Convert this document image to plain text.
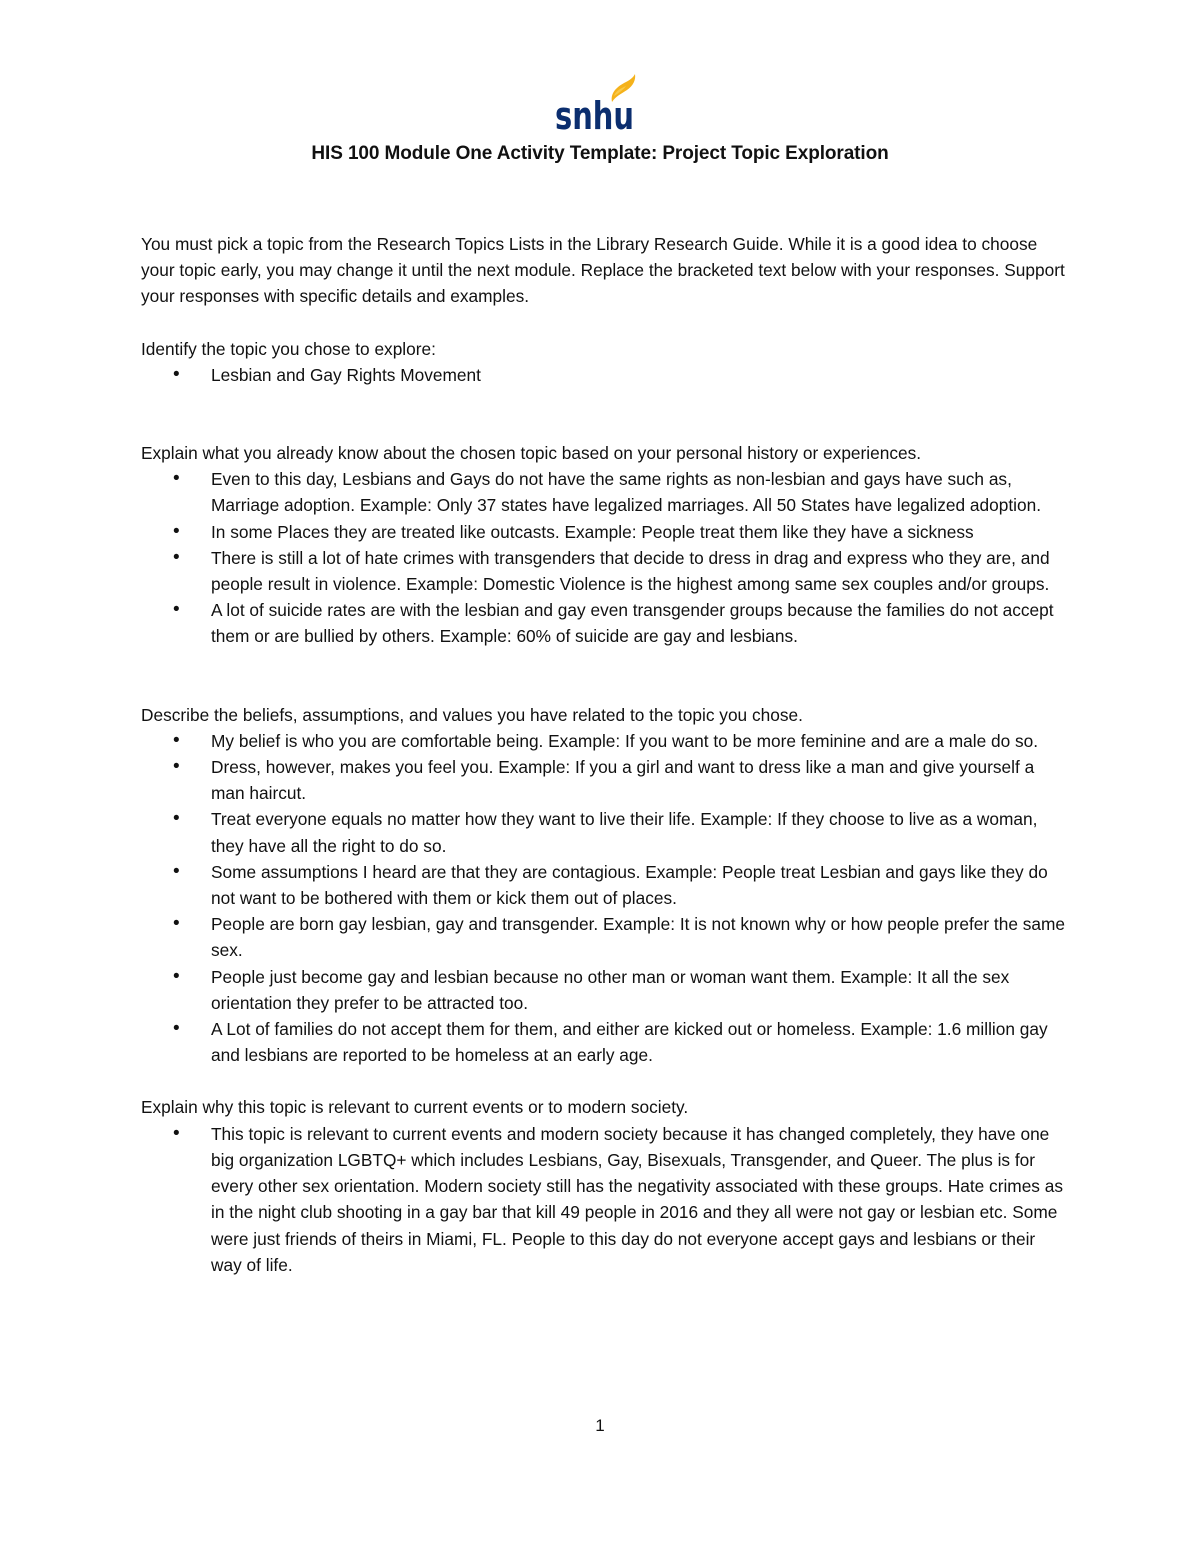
snhu
HIS 100 Module One Activity Template: Project Topic Exploration

You must pick a topic from the Research Topics Lists in the Library Research Guide. While it is a good idea to choose your topic early, you may change it until the next module. Replace the bracketed text below with your responses. Support your responses with specific details and examples.

Identify the topic you chose to explore:

• Lesbian and Gay Rights Movement

Explain what you already know about the chosen topic based on your personal history or experiences.

• Even to this day, Lesbians and Gays do not have the same rights as non-lesbian and gays have such as, Marriage adoption. Example: Only 37 states have legalized marriages. All 50 States have legalized adoption.
• In some Places they are treated like outcasts. Example: People treat them like they have a sickness
• There is still a lot of hate crimes with transgenders that decide to dress in drag and express who they are, and people result in violence. Example: Domestic Violence is the highest among same sex couples and/or groups.
• A lot of suicide rates are with the lesbian and gay even transgender groups because the families do not accept them or are bullied by others. Example: 60% of suicide are gay and lesbians.

Describe the beliefs, assumptions, and values you have related to the topic you chose.

• My belief is who you are comfortable being. Example: If you want to be more feminine and are a male do so.
• Dress, however, makes you feel you. Example: If you a girl and want to dress like a man and give yourself a man haircut.
• Treat everyone equals no matter how they want to live their life. Example: If they choose to live as a woman, they have all the right to do so.
• Some assumptions I heard are that they are contagious. Example: People treat Lesbian and gays like they do not want to be bothered with them or kick them out of places.
• People are born gay lesbian, gay and transgender. Example: It is not known why or how people prefer the same sex.
• People just become gay and lesbian because no other man or woman want them. Example: It all the sex orientation they prefer to be attracted too.
• A Lot of families do not accept them for them, and either are kicked out or homeless. Example: 1.6 million gay and lesbians are reported to be homeless at an early age.

Explain why this topic is relevant to current events or to modern society.

• This topic is relevant to current events and modern society because it has changed completely, they have one big organization LGBTQ+ which includes Lesbians, Gay, Bisexuals, Transgender, and Queer. The plus is for every other sex orientation. Modern society still has the negativity associated with these groups. Hate crimes as in the night club shooting in a gay bar that kill 49 people in 2016 and they all were not gay or lesbian etc. Some were just friends of theirs in Miami, FL. People to this day do not everyone accept gays and lesbians or their way of life.
1
